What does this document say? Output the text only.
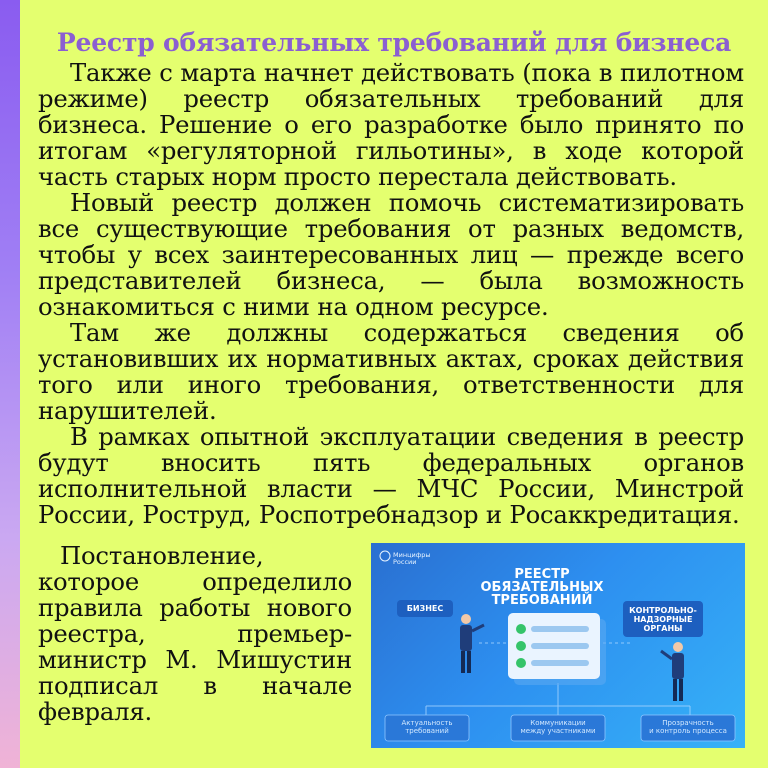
Реестр обязательных требований для бизнеса

Также с марта начнет действовать (пока в пилотном режиме) реестр обязательных требований для бизнеса. Решение о его разработке было принято по итогам «регуляторной гильотины», в ходе которой часть старых норм просто перестала действовать.

Новый реестр должен помочь систематизировать все существующие требования от разных ведомств, чтобы у всех заинтересованных лиц — прежде всего представителей бизнеса, — была возможность ознакомиться с ними на одном ресурсе.

Там же должны содержаться сведения об установивших их нормативных актах, сроках действия того или иного требования, ответственности для нарушителей.

В рамках опытной эксплуатации сведения в реестр будут вносить пять федеральных органов исполнительной власти — МЧС России, Минстрой России, Роструд, Роспотребнадзор и Росаккредитация.

Постановление, которое определило правила работы нового реестра, премьер-министр М. Мишустин подписал в начале февраля.

Минцифры
России
РЕЕСТР
ОБЯЗАТЕЛЬНЫХ
ТРЕБОВАНИЙ
БИЗНЕС	КОНТРОЛЬНО-
НАДЗОРНЫЕ
ОРГАНЫ
Актуальность
требований
Коммуникации
между участниками
Прозрачность
и контроль процесса
